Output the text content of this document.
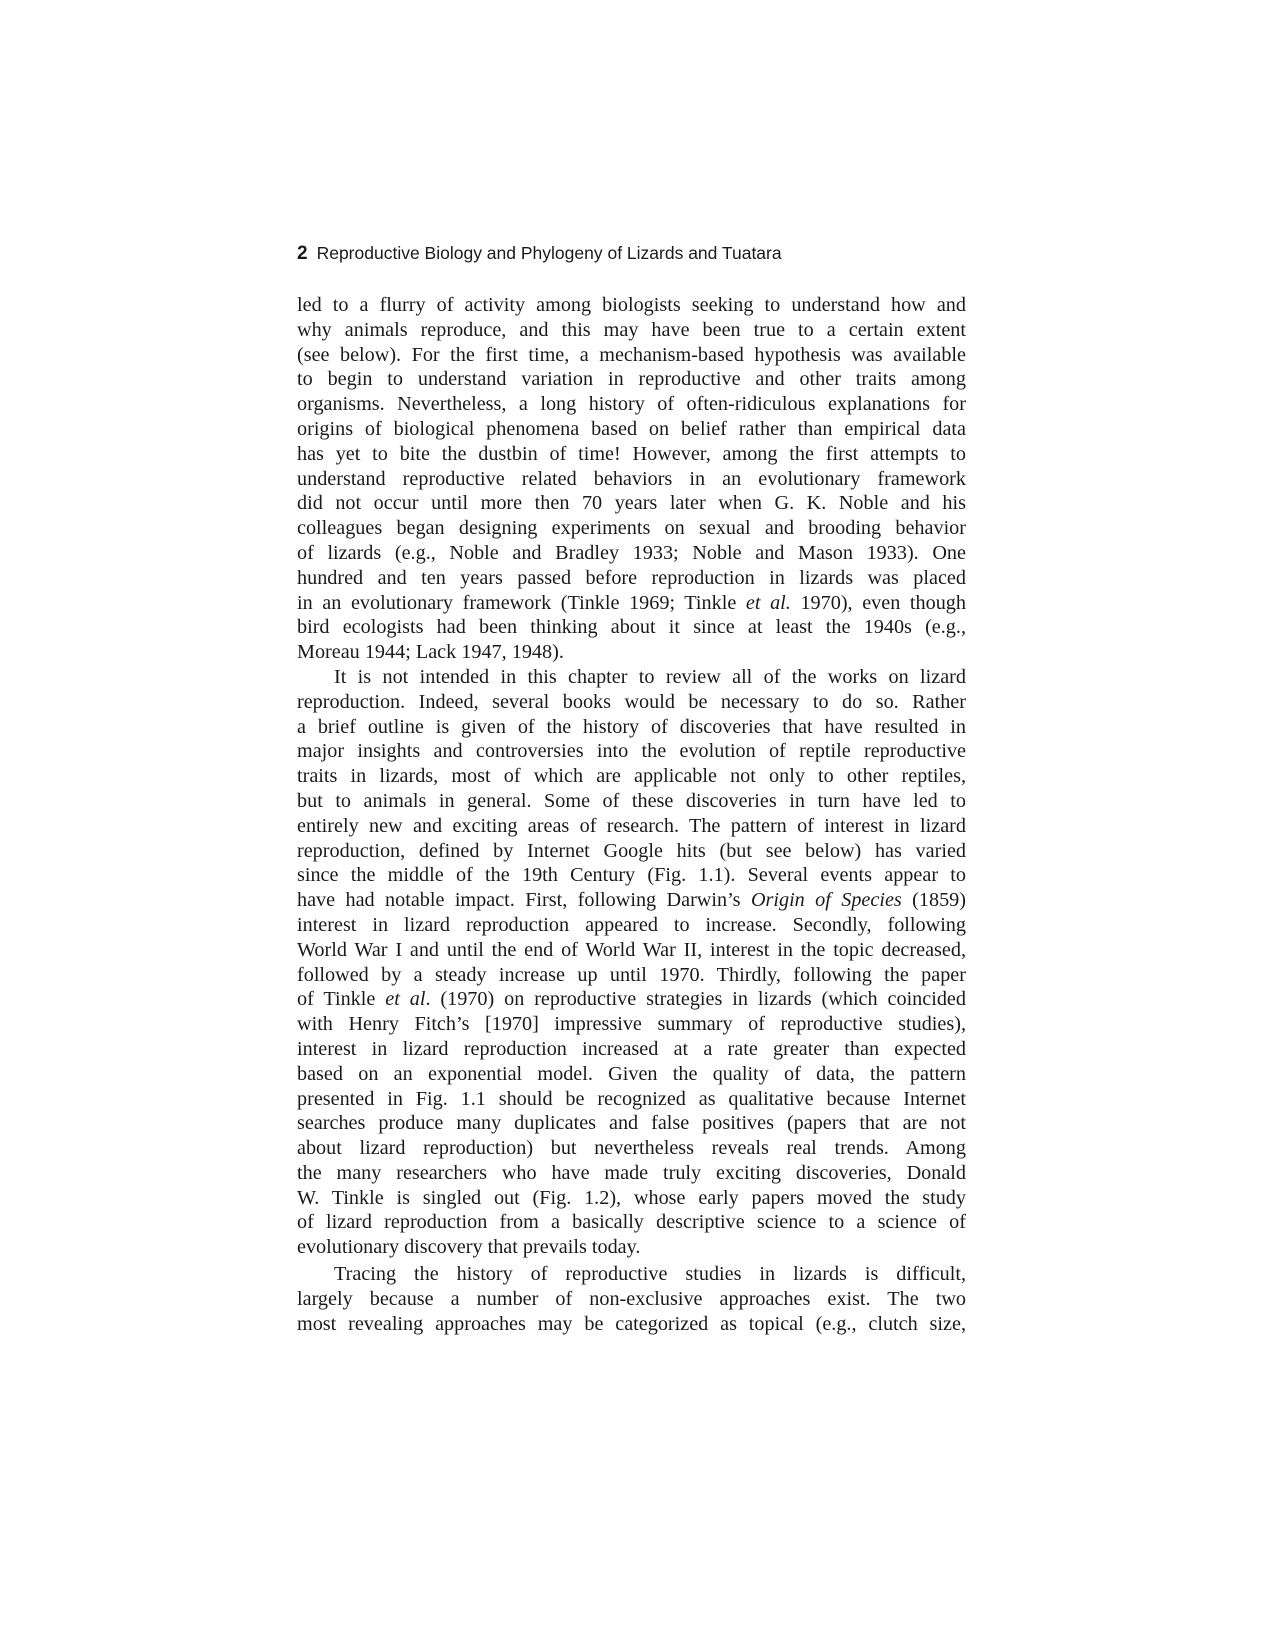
2 Reproductive Biology and Phylogeny of Lizards and Tuatara
led to a flurry of activity among biologists seeking to understand how and
why animals reproduce, and this may have been true to a certain extent
(see below). For the first time, a mechanism-based hypothesis was available
to begin to understand variation in reproductive and other traits among
organisms. Nevertheless, a long history of often-ridiculous explanations for
origins of biological phenomena based on belief rather than empirical data
has yet to bite the dustbin of time! However, among the first attempts to
understand reproductive related behaviors in an evolutionary framework
did not occur until more then 70 years later when G. K. Noble and his
colleagues began designing experiments on sexual and brooding behavior
of lizards (e.g., Noble and Bradley 1933; Noble and Mason 1933). One
hundred and ten years passed before reproduction in lizards was placed
in an evolutionary framework (Tinkle 1969; Tinkle et al. 1970), even though
bird ecologists had been thinking about it since at least the 1940s (e.g.,
Moreau 1944; Lack 1947, 1948).
It is not intended in this chapter to review all of the works on lizard
reproduction. Indeed, several books would be necessary to do so. Rather
a brief outline is given of the history of discoveries that have resulted in
major insights and controversies into the evolution of reptile reproductive
traits in lizards, most of which are applicable not only to other reptiles,
but to animals in general. Some of these discoveries in turn have led to
entirely new and exciting areas of research. The pattern of interest in lizard
reproduction, defined by Internet Google hits (but see below) has varied
since the middle of the 19th Century (Fig. 1.1). Several events appear to
have had notable impact. First, following Darwin’s Origin of Species (1859)
interest in lizard reproduction appeared to increase. Secondly, following
World War I and until the end of World War II, interest in the topic decreased,
followed by a steady increase up until 1970. Thirdly, following the paper
of Tinkle et al. (1970) on reproductive strategies in lizards (which coincided
with Henry Fitch’s [1970] impressive summary of reproductive studies),
interest in lizard reproduction increased at a rate greater than expected
based on an exponential model. Given the quality of data, the pattern
presented in Fig. 1.1 should be recognized as qualitative because Internet
searches produce many duplicates and false positives (papers that are not
about lizard reproduction) but nevertheless reveals real trends. Among
the many researchers who have made truly exciting discoveries, Donald
W. Tinkle is singled out (Fig. 1.2), whose early papers moved the study
of lizard reproduction from a basically descriptive science to a science of
evolutionary discovery that prevails today.
Tracing the history of reproductive studies in lizards is difficult,
largely because a number of non-exclusive approaches exist. The two
most revealing approaches may be categorized as topical (e.g., clutch size,
